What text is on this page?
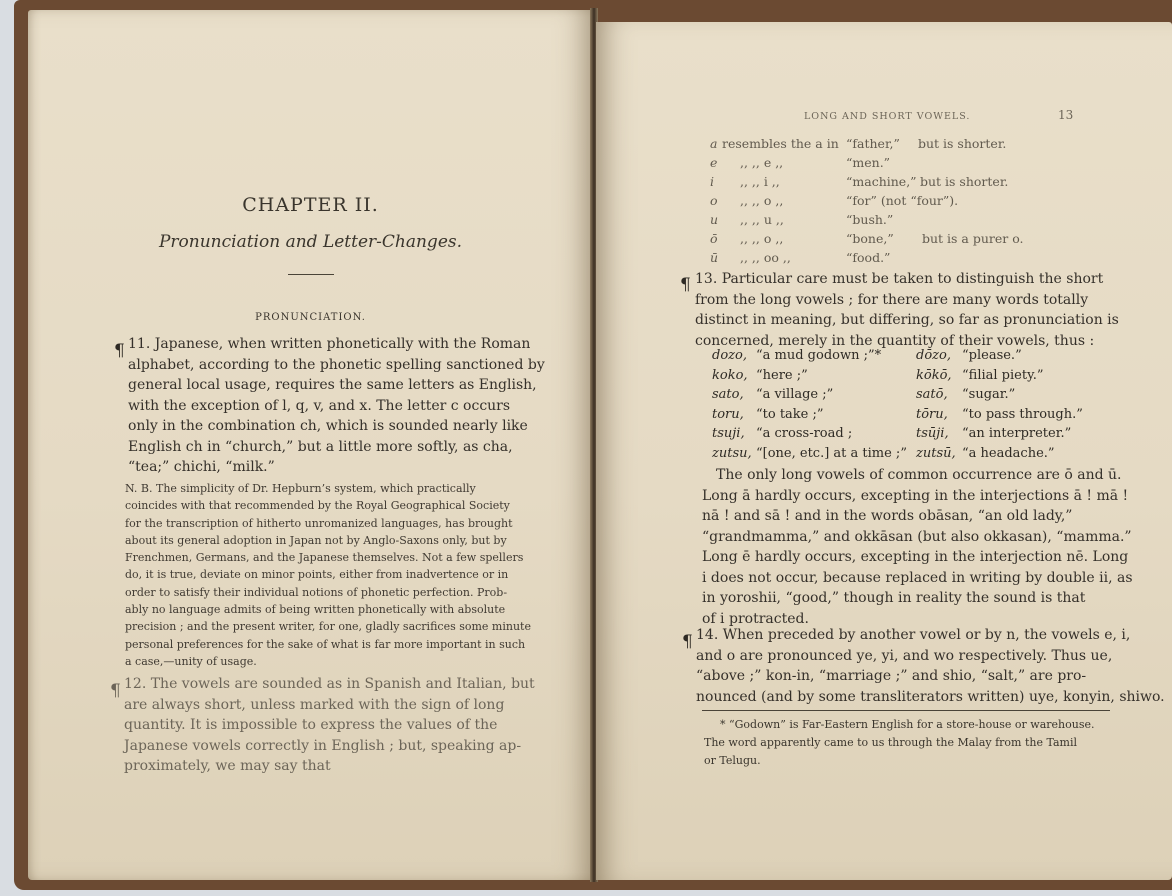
CHAPTER II.
Pronunciation and Letter-Changes.
PRONUNCIATION.
¶ 11. Japanese, when written phonetically with the Roman
alphabet, according to the phonetic spelling sanctioned by
general local usage, requires the same letters as English,
with the exception of l, q, v, and x. The letter c occurs
only in the combination ch, which is sounded nearly like
English ch in “church,” but a little more softly, as cha,
“tea;” chichi, “milk.”
N. B. The simplicity of Dr. Hepburn’s system, which practically
coincides with that recommended by the Royal Geographical Society
for the transcription of hitherto unromanized languages, has brought
about its general adoption in Japan not by Anglo-Saxons only, but by
Frenchmen, Germans, and the Japanese themselves. Not a few spellers
do, it is true, deviate on minor points, either from inadvertence or in
order to satisfy their individual notions of phonetic perfection. Prob-
ably no language admits of being written phonetically with absolute
precision ; and the present writer, for one, gladly sacrifices some minute
personal preferences for the sake of what is far more important in such
a case,—unity of usage.
¶ 12. The vowels are sounded as in Spanish and Italian, but
are always short, unless marked with the sign of long
quantity. It is impossible to express the values of the
Japanese vowels correctly in English ; but, speaking ap-
proximately, we may say that
LONG AND SHORT VOWELS.	13
a resembles the a in “father,” but is shorter.
e ,, ,, e ,,	“men.”
i ,, ,, i ,,	“machine,” but is shorter.
o ,, ,, o ,,	“for” (not “four”).
u ,, ,, u ,,	“bush.”
ō ,, ,, o ,,	“bone,” but is a purer o.
ū ,, ,, oo ,,	“food.”
¶ 13. Particular care must be taken to distinguish the short
from the long vowels ; for there are many words totally
distinct in meaning, but differing, so far as pronunciation is
concerned, merely in the quantity of their vowels, thus :
dozo, “a mud godown ;”*	dōzo, “please.”
koko, “here ;”	kōkō, “filial piety.”
sato, “a village ;”	satō, “sugar.”
toru, “to take ;”	tōru, “to pass through.”
tsuji, “a cross-road ;	tsūji, “an interpreter.”
zutsu, “[one, etc.] at a time ;” zutsū, “a headache.”
The only long vowels of common occurrence are ō and ū.
Long ā hardly occurs, excepting in the interjections ā ! mā !
nā ! and sā ! and in the words obāsan, “an old lady,”
“grandmamma,” and okkāsan (but also okkasan), “mamma.”
Long ē hardly occurs, excepting in the interjection nē. Long
i does not occur, because replaced in writing by double ii, as
in yoroshii, “good,” though in reality the sound is that
of i protracted.
¶ 14. When preceded by another vowel or by n, the vowels e, i,
and o are pronounced ye, yi, and wo respectively. Thus ue,
“above ;” kon-in, “marriage ;” and shio, “salt,” are pro-
nounced (and by some transliterators written) uye, konyin, shiwo.
* “Godown” is Far-Eastern English for a store-house or warehouse.
The word apparently came to us through the Malay from the Tamil
or Telugu.
